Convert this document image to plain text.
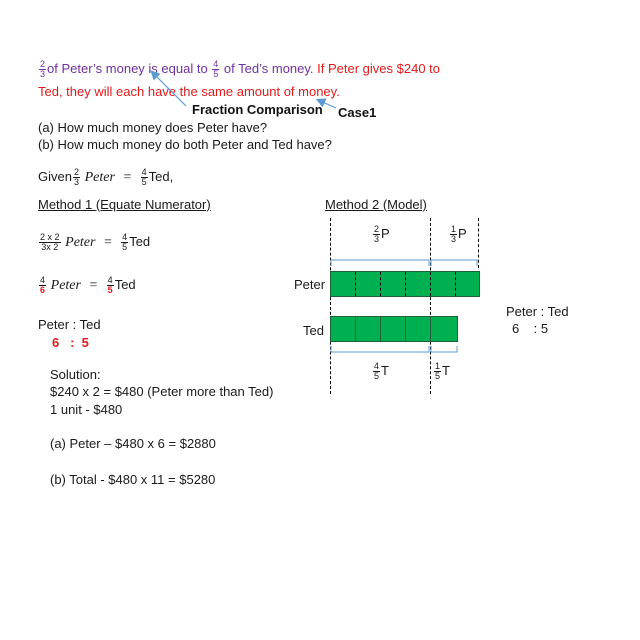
$\frac{2}{3}$ of Peter’s money is equal to $\frac{4}{5}$ of Ted’s money. If Peter gives $240 to
Ted, they will each have the same amount of money.
Fraction Comparison Case1
(a) How much money does Peter have?
(b) How much money do both Peter and Ted have?
Given $\frac{2}{3}$ Peter = $\frac{4}{5}$ Ted,
Method 1 (Equate Numerator)
$\frac{2 x 2}{3x 2}$ Peter = $\frac{4}{5}$ Ted
$\frac{4}{6}$ Peter = $\frac{4}{5}$ Ted
Peter : Ted
6   :  5
Solution:
$240 x 2 = $480 (Peter more than Ted)
1 unit - $480
(a) Peter – $480 x 6 = $2880
(b) Total - $480 x 11 = $5280
Method 2 (Model)
$\frac{2}{3}$ P	$\frac{1}{3}$ P
Peter
Ted
$\frac{4}{5}$ T	$\frac{1}{5}$ T
Peter : Ted
6    : 5
